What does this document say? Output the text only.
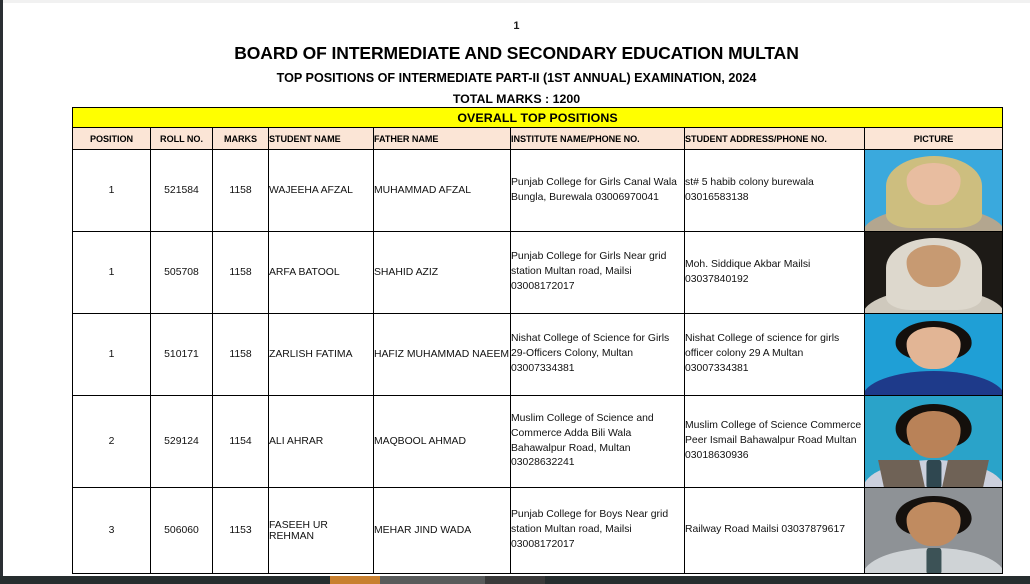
1
BOARD OF INTERMEDIATE AND SECONDARY EDUCATION MULTAN
TOP POSITIONS OF INTERMEDIATE PART-II (1ST ANNUAL) EXAMINATION, 2024
TOTAL MARKS : 1200
OVERALL TOP POSITIONS							
POSITION	ROLL NO.	MARKS	STUDENT NAME	FATHER NAME	INSTITUTE NAME/PHONE NO.	STUDENT ADDRESS/PHONE NO.	PICTURE
1	521584	1158	WAJEEHA AFZAL	MUHAMMAD AFZAL	Punjab College for Girls Canal Wala Bungla, Burewala 03006970041	st# 5 habib colony burewala 03016583138	

1	505708	1158	ARFA BATOOL	SHAHID AZIZ	Punjab College for Girls Near grid station Multan road, Mailsi 03008172017	Moh. Siddique Akbar Mailsi 03037840192	

1	510171	1158	ZARLISH FATIMA	HAFIZ MUHAMMAD NAEEM	Nishat College of Science for Girls 29-Officers Colony, Multan 03007334381	Nishat College of science for girls officer colony 29 A Multan 03007334381	

2	529124	1154	ALI AHRAR	MAQBOOL AHMAD	Muslim College of Science and Commerce Adda Bili Wala Bahawalpur Road, Multan 03028632241	Muslim College of Science Commerce Peer Ismail Bahawalpur Road Multan 03018630936	

3	506060	1153	FASEEH UR REHMAN	MEHAR JIND WADA	Punjab College for Boys Near grid station Multan road, Mailsi 03008172017	Railway Road Mailsi 03037879617	
